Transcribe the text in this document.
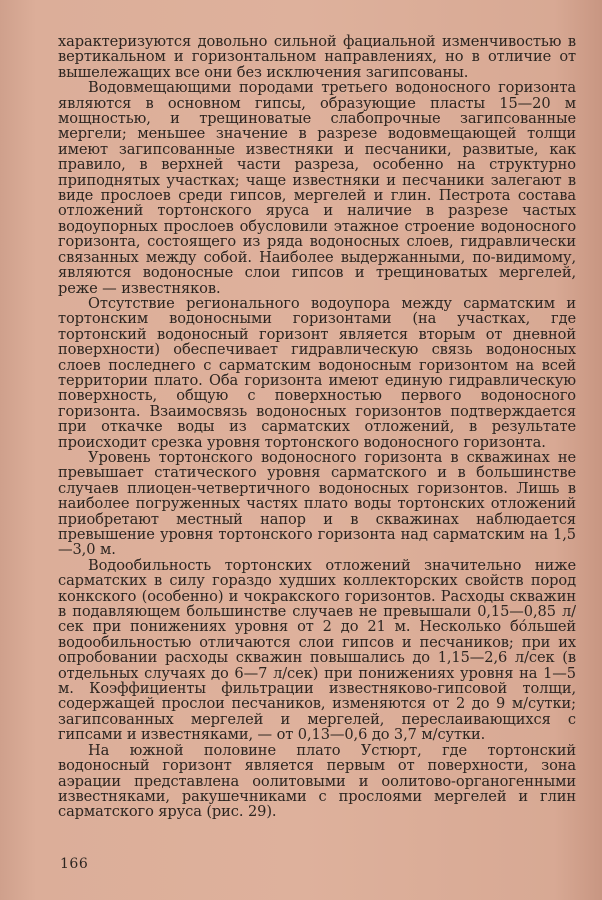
характеризуются довольно сильной фациальной изменчивостью в вертикальном и горизонтальном направлениях, но в отличие от вышележащих все они без исключения загипсованы.

Водовмещающими породами третьего водоносного горизонта являются в основном гипсы, образующие пласты 15—20 м мощностью, и трещиноватые слабопрочные загипсованные мергели; меньшее значение в разрезе водовмещающей толщи имеют загипсованные известняки и песчаники, развитые, как правило, в верхней части разреза, особенно на структурно приподнятых участках; чаще известняки и песчаники залегают в виде прослоев среди гипсов, мергелей и глин. Пестрота состава отложений тортонского яруса и наличие в разрезе частых водоупорных прослоев обусловили этажное строение водоносного горизонта, состоящего из ряда водоносных слоев, гидравлически связанных между собой. Наиболее выдержанными, по-видимому, являются водоносные слои гипсов и трещиноватых мергелей, реже — известняков.

Отсутствие регионального водоупора между сарматским и тортонским водоносными горизонтами (на участках, где тортонский водоносный горизонт является вторым от дневной поверхности) обеспечивает гидравлическую связь водоносных слоев последнего с сарматским водоносным горизонтом на всей территории плато. Оба горизонта имеют единую гидравлическую поверхность, общую с поверхностью первого водоносного горизонта. Взаимосвязь водоносных горизонтов подтверждается при откачке воды из сарматских отложений, в результате происходит срезка уровня тортонского водоносного горизонта.

Уровень тортонского водоносного горизонта в скважинах не превышает статического уровня сарматского и в большинстве случаев плиоцен-четвертичного водоносных горизонтов. Лишь в наиболее погруженных частях плато воды тортонских отложений приобретают местный напор и в скважинах наблюдается превышение уровня тортонского горизонта над сарматским на 1,5—3,0 м.

Водообильность тортонских отложений значительно ниже сарматских в силу гораздо худших коллекторских свойств пород конкского (особенно) и чокракского горизонтов. Расходы скважин в подавляющем большинстве случаев не превышали 0,15—0,85 л/сек при понижениях уровня от 2 до 21 м. Несколько бо́льшей водообильностью отличаются слои гипсов и песчаников; при их опробовании расходы скважин повышались до 1,15—2,6 л/сек (в отдельных случаях до 6—7 л/сек) при понижениях уровня на 1—5 м. Коэффициенты фильтрации известняково-гипсовой толщи, содержащей прослои песчаников, изменяются от 2 до 9 м/сутки; загипсованных мергелей и мергелей, переслаивающихся с гипсами и известняками, — от 0,13—0,6 до 3,7 м/сутки.

На южной половине плато Устюрт, где тортонский водоносный горизонт является первым от поверхности, зона аэрации представлена оолитовыми и оолитово-органогенными известняками, ракушечниками с прослоями мергелей и глин сарматского яруса (рис. 29).

166
